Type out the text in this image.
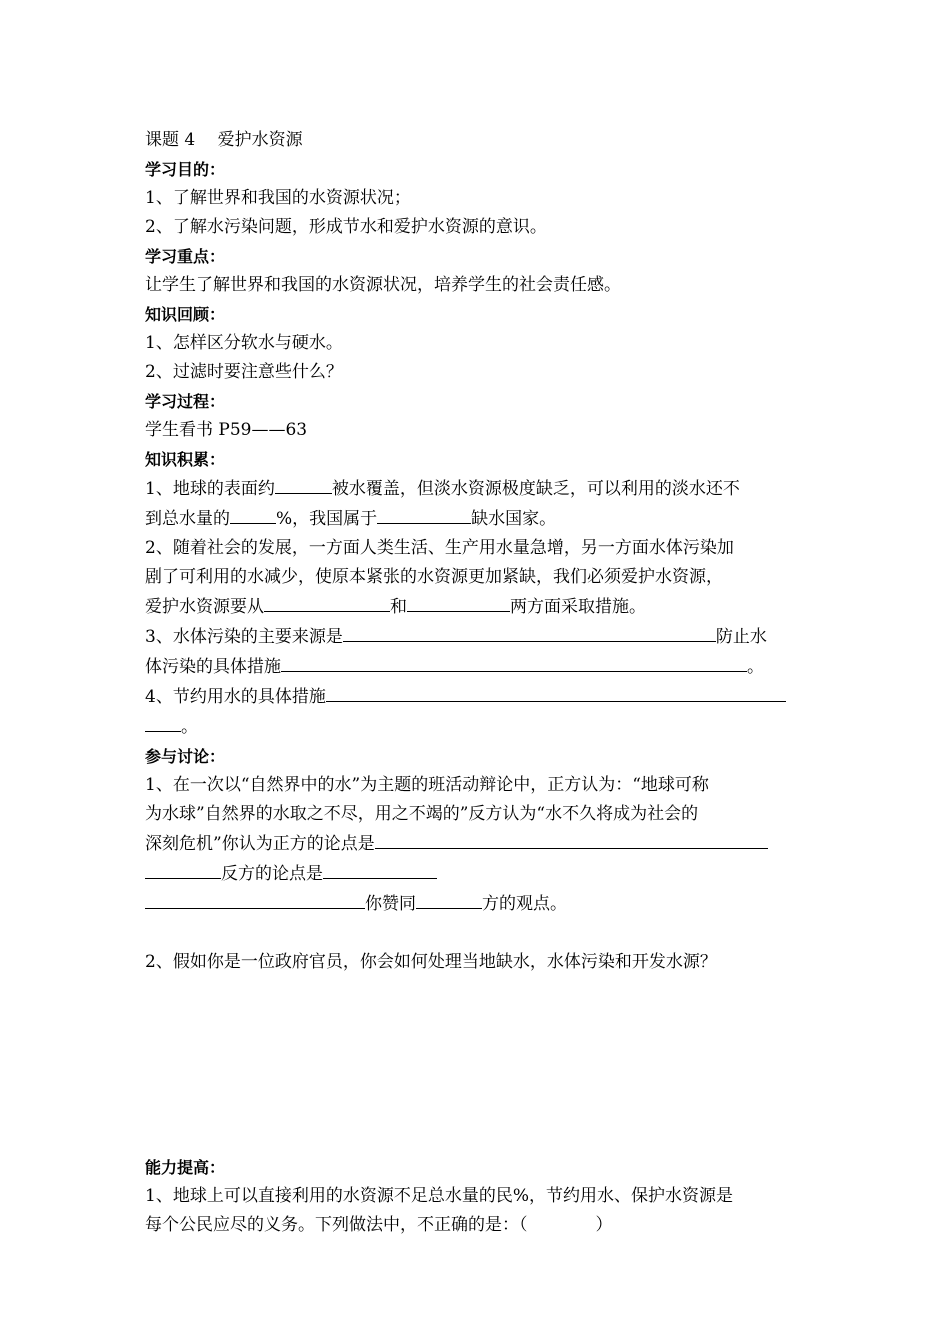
课题 4　 爱护水资源
学习目的：
1、了解世界和我国的水资源状况；
2、了解水污染问题，形成节水和爱护水资源的意识。
学习重点：
让学生了解世界和我国的水资源状况，培养学生的社会责任感。
知识回顾：
1、怎样区分软水与硬水。
2、过滤时要注意些什么？
学习过程：
学生看书 P59——63
知识积累：
1、地球的表面约	被水覆盖，但淡水资源极度缺乏，可以利用的淡水还不
到总水量的	%，我国属于	缺水国家。
2、随着社会的发展，一方面人类生活、生产用水量急增，另一方面水体污染加
剧了可利用的水减少，使原本紧张的水资源更加紧缺，我们必须爱护水资源，
爱护水资源要从	和	两方面采取措施。
3、水体污染的主要来源是	防止水
体污染的具体措施	。
4、节约用水的具体措施
。
参与讨论：
1、在一次以“自然界中的水”为主题的班活动辩论中，正方认为：“地球可称
为水球”自然界的水取之不尽，用之不竭的”反方认为“水不久将成为社会的
深刻危机”你认为正方的论点是
反方的论点是
你赞同	方的观点。
2、假如你是一位政府官员，你会如何处理当地缺水，水体污染和开发水源？
能力提高：
1、地球上可以直接利用的水资源不足总水量的民%，节约用水、保护水资源是
每个公民应尽的义务。下列做法中，不正确的是：（　　　　）
